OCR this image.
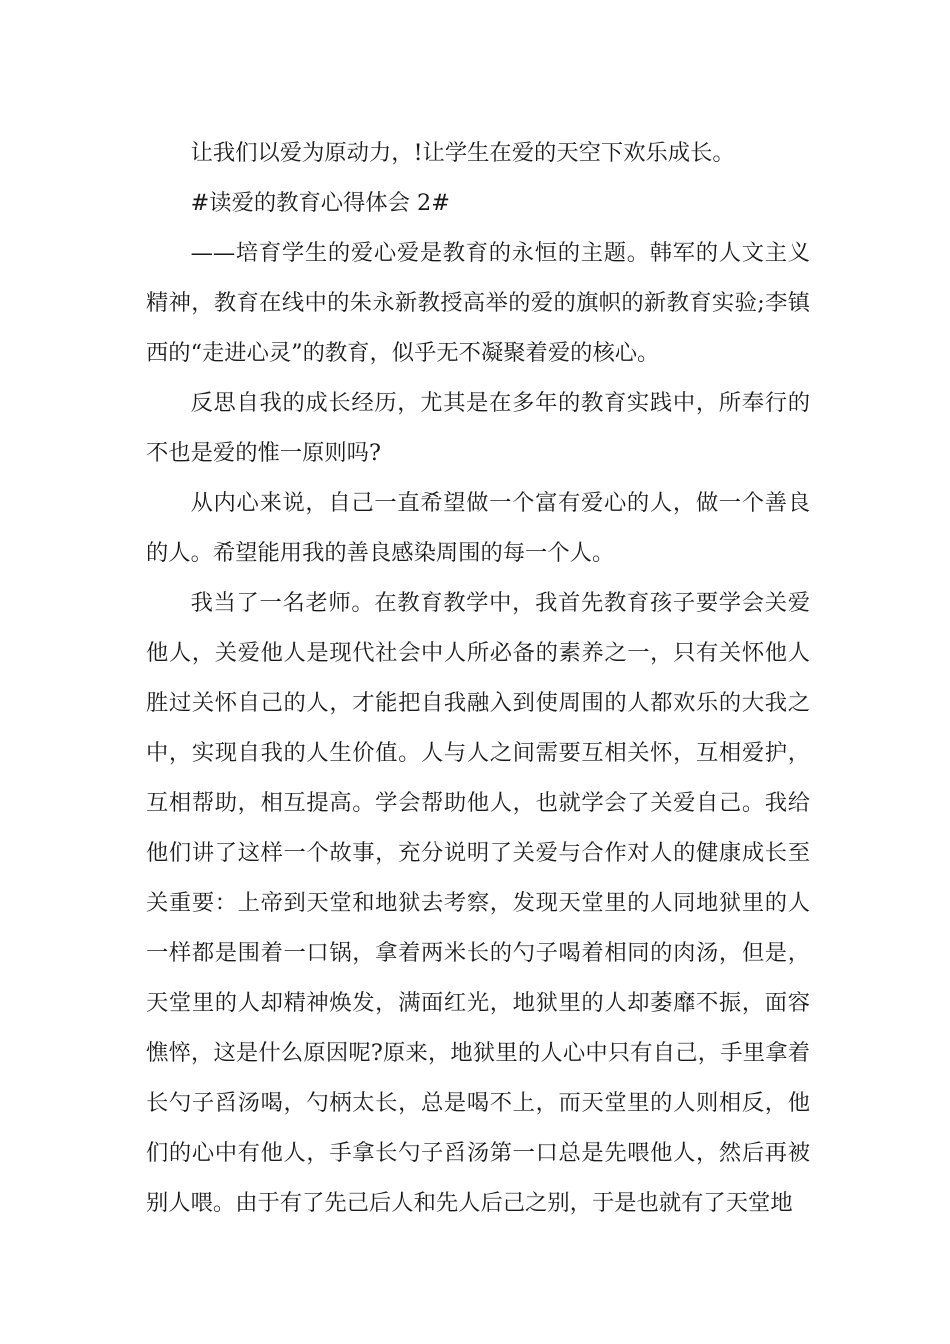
让我们以爱为原动力，!让学生在爱的天空下欢乐成长。

#读爱的教育心得体会 2#

——培育学生的爱心爱是教育的永恒的主题。韩军的人文主义精神，教育在线中的朱永新教授高举的爱的旗帜的新教育实验;李镇西的“走进心灵”的教育，似乎无不凝聚着爱的核心。

反思自我的成长经历，尤其是在多年的教育实践中，所奉行的不也是爱的惟一原则吗?

从内心来说，自己一直希望做一个富有爱心的人，做一个善良的人。希望能用我的善良感染周围的每一个人。

我当了一名老师。在教育教学中，我首先教育孩子要学会关爱他人，关爱他人是现代社会中人所必备的素养之一，只有关怀他人胜过关怀自己的人，才能把自我融入到使周围的人都欢乐的大我之中，实现自我的人生价值。人与人之间需要互相关怀，互相爱护，互相帮助，相互提高。学会帮助他人，也就学会了关爱自己。我给他们讲了这样一个故事，充分说明了关爱与合作对人的健康成长至关重要：上帝到天堂和地狱去考察，发现天堂里的人同地狱里的人一样都是围着一口锅，拿着两米长的勺子喝着相同的肉汤，但是，天堂里的人却精神焕发，满面红光，地狱里的人却萎靡不振，面容憔悴，这是什么原因呢?原来，地狱里的人心中只有自己，手里拿着长勺子舀汤喝，勺柄太长，总是喝不上，而天堂里的人则相反，他们的心中有他人，手拿长勺子舀汤第一口总是先喂他人，然后再被别人喂。由于有了先己后人和先人后己之别，于是也就有了天堂地
